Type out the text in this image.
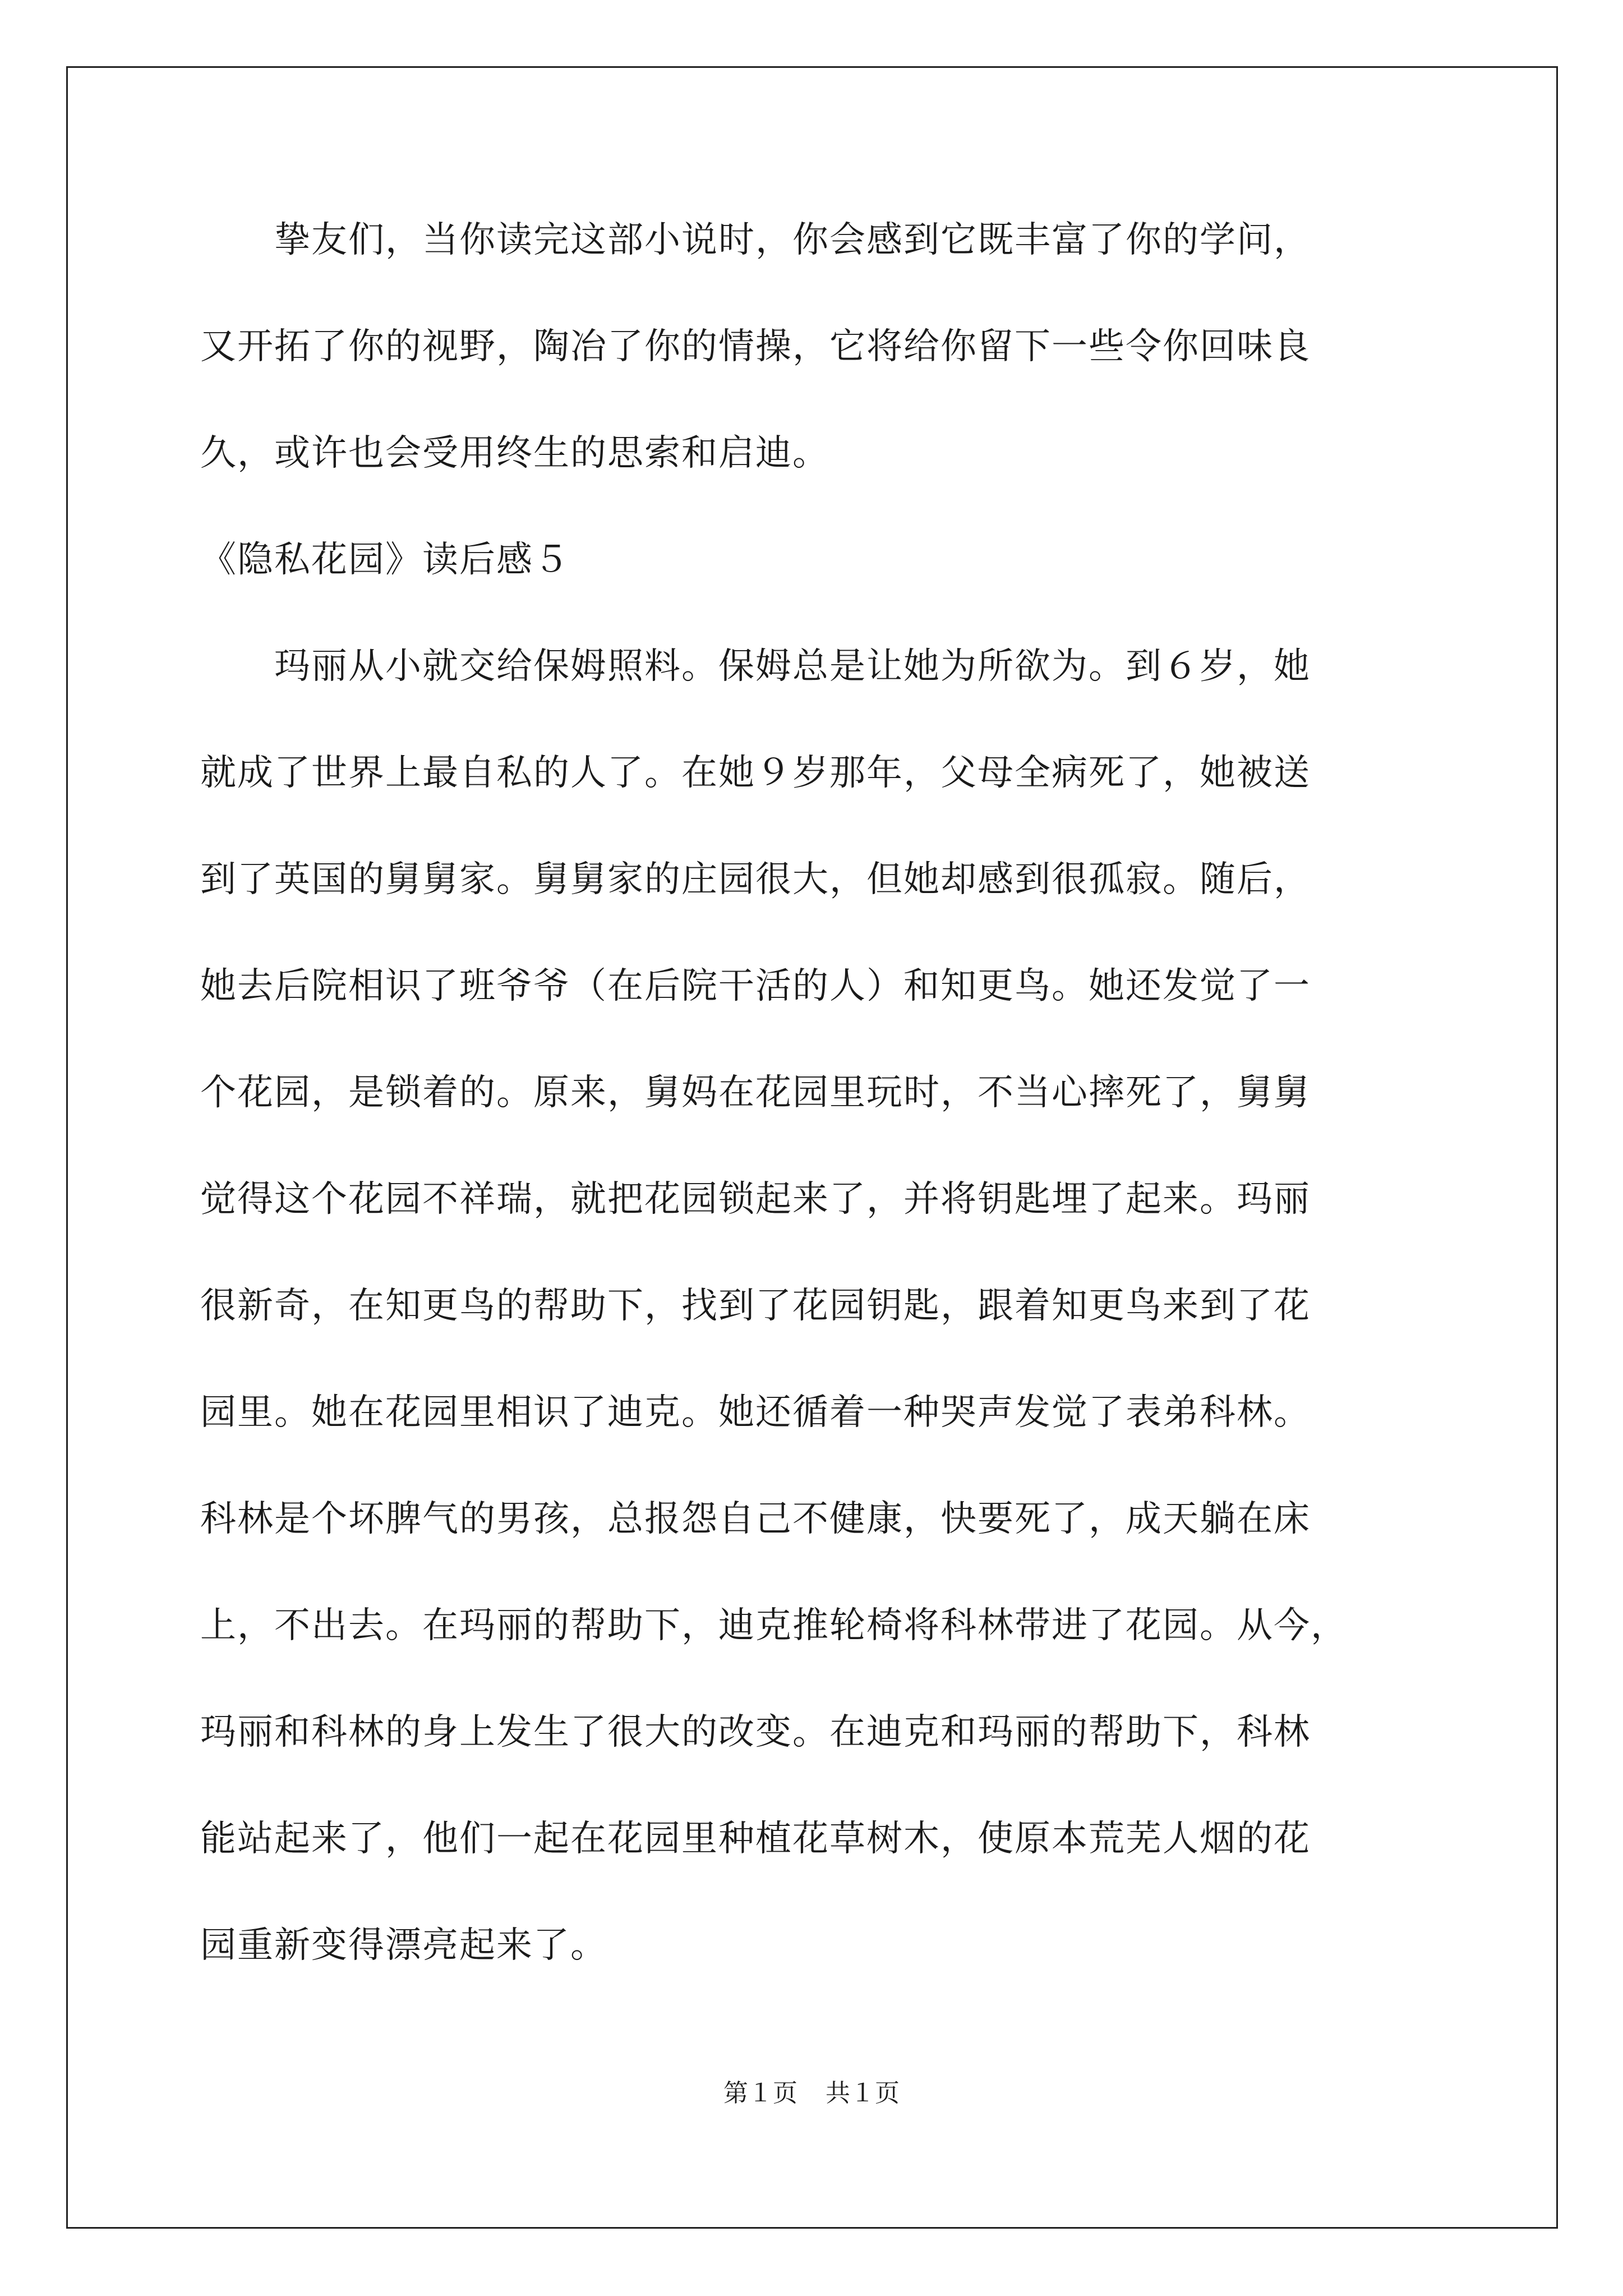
　　挚友们，当你读完这部小说时，你会感到它既丰富了你的学问，
又开拓了你的视野，陶冶了你的情操，它将给你留下一些令你回味良
久，或许也会受用终生的思索和启迪。
《隐私花园》读后感５
　　玛丽从小就交给保姆照料。保姆总是让她为所欲为。到６岁，她
就成了世界上最自私的人了。在她９岁那年，父母全病死了，她被送
到了英国的舅舅家。舅舅家的庄园很大，但她却感到很孤寂。随后，
她去后院相识了班爷爷（在后院干活的人）和知更鸟。她还发觉了一
个花园，是锁着的。原来，舅妈在花园里玩时，不当心摔死了，舅舅
觉得这个花园不祥瑞，就把花园锁起来了，并将钥匙埋了起来。玛丽
很新奇，在知更鸟的帮助下，找到了花园钥匙，跟着知更鸟来到了花
园里。她在花园里相识了迪克。她还循着一种哭声发觉了表弟科林。
科林是个坏脾气的男孩，总报怨自己不健康，快要死了，成天躺在床
上，不出去。在玛丽的帮助下，迪克推轮椅将科林带进了花园。从今，
玛丽和科林的身上发生了很大的改变。在迪克和玛丽的帮助下，科林
能站起来了，他们一起在花园里种植花草树木，使原本荒芜人烟的花
园重新变得漂亮起来了。
第１页 共１页
